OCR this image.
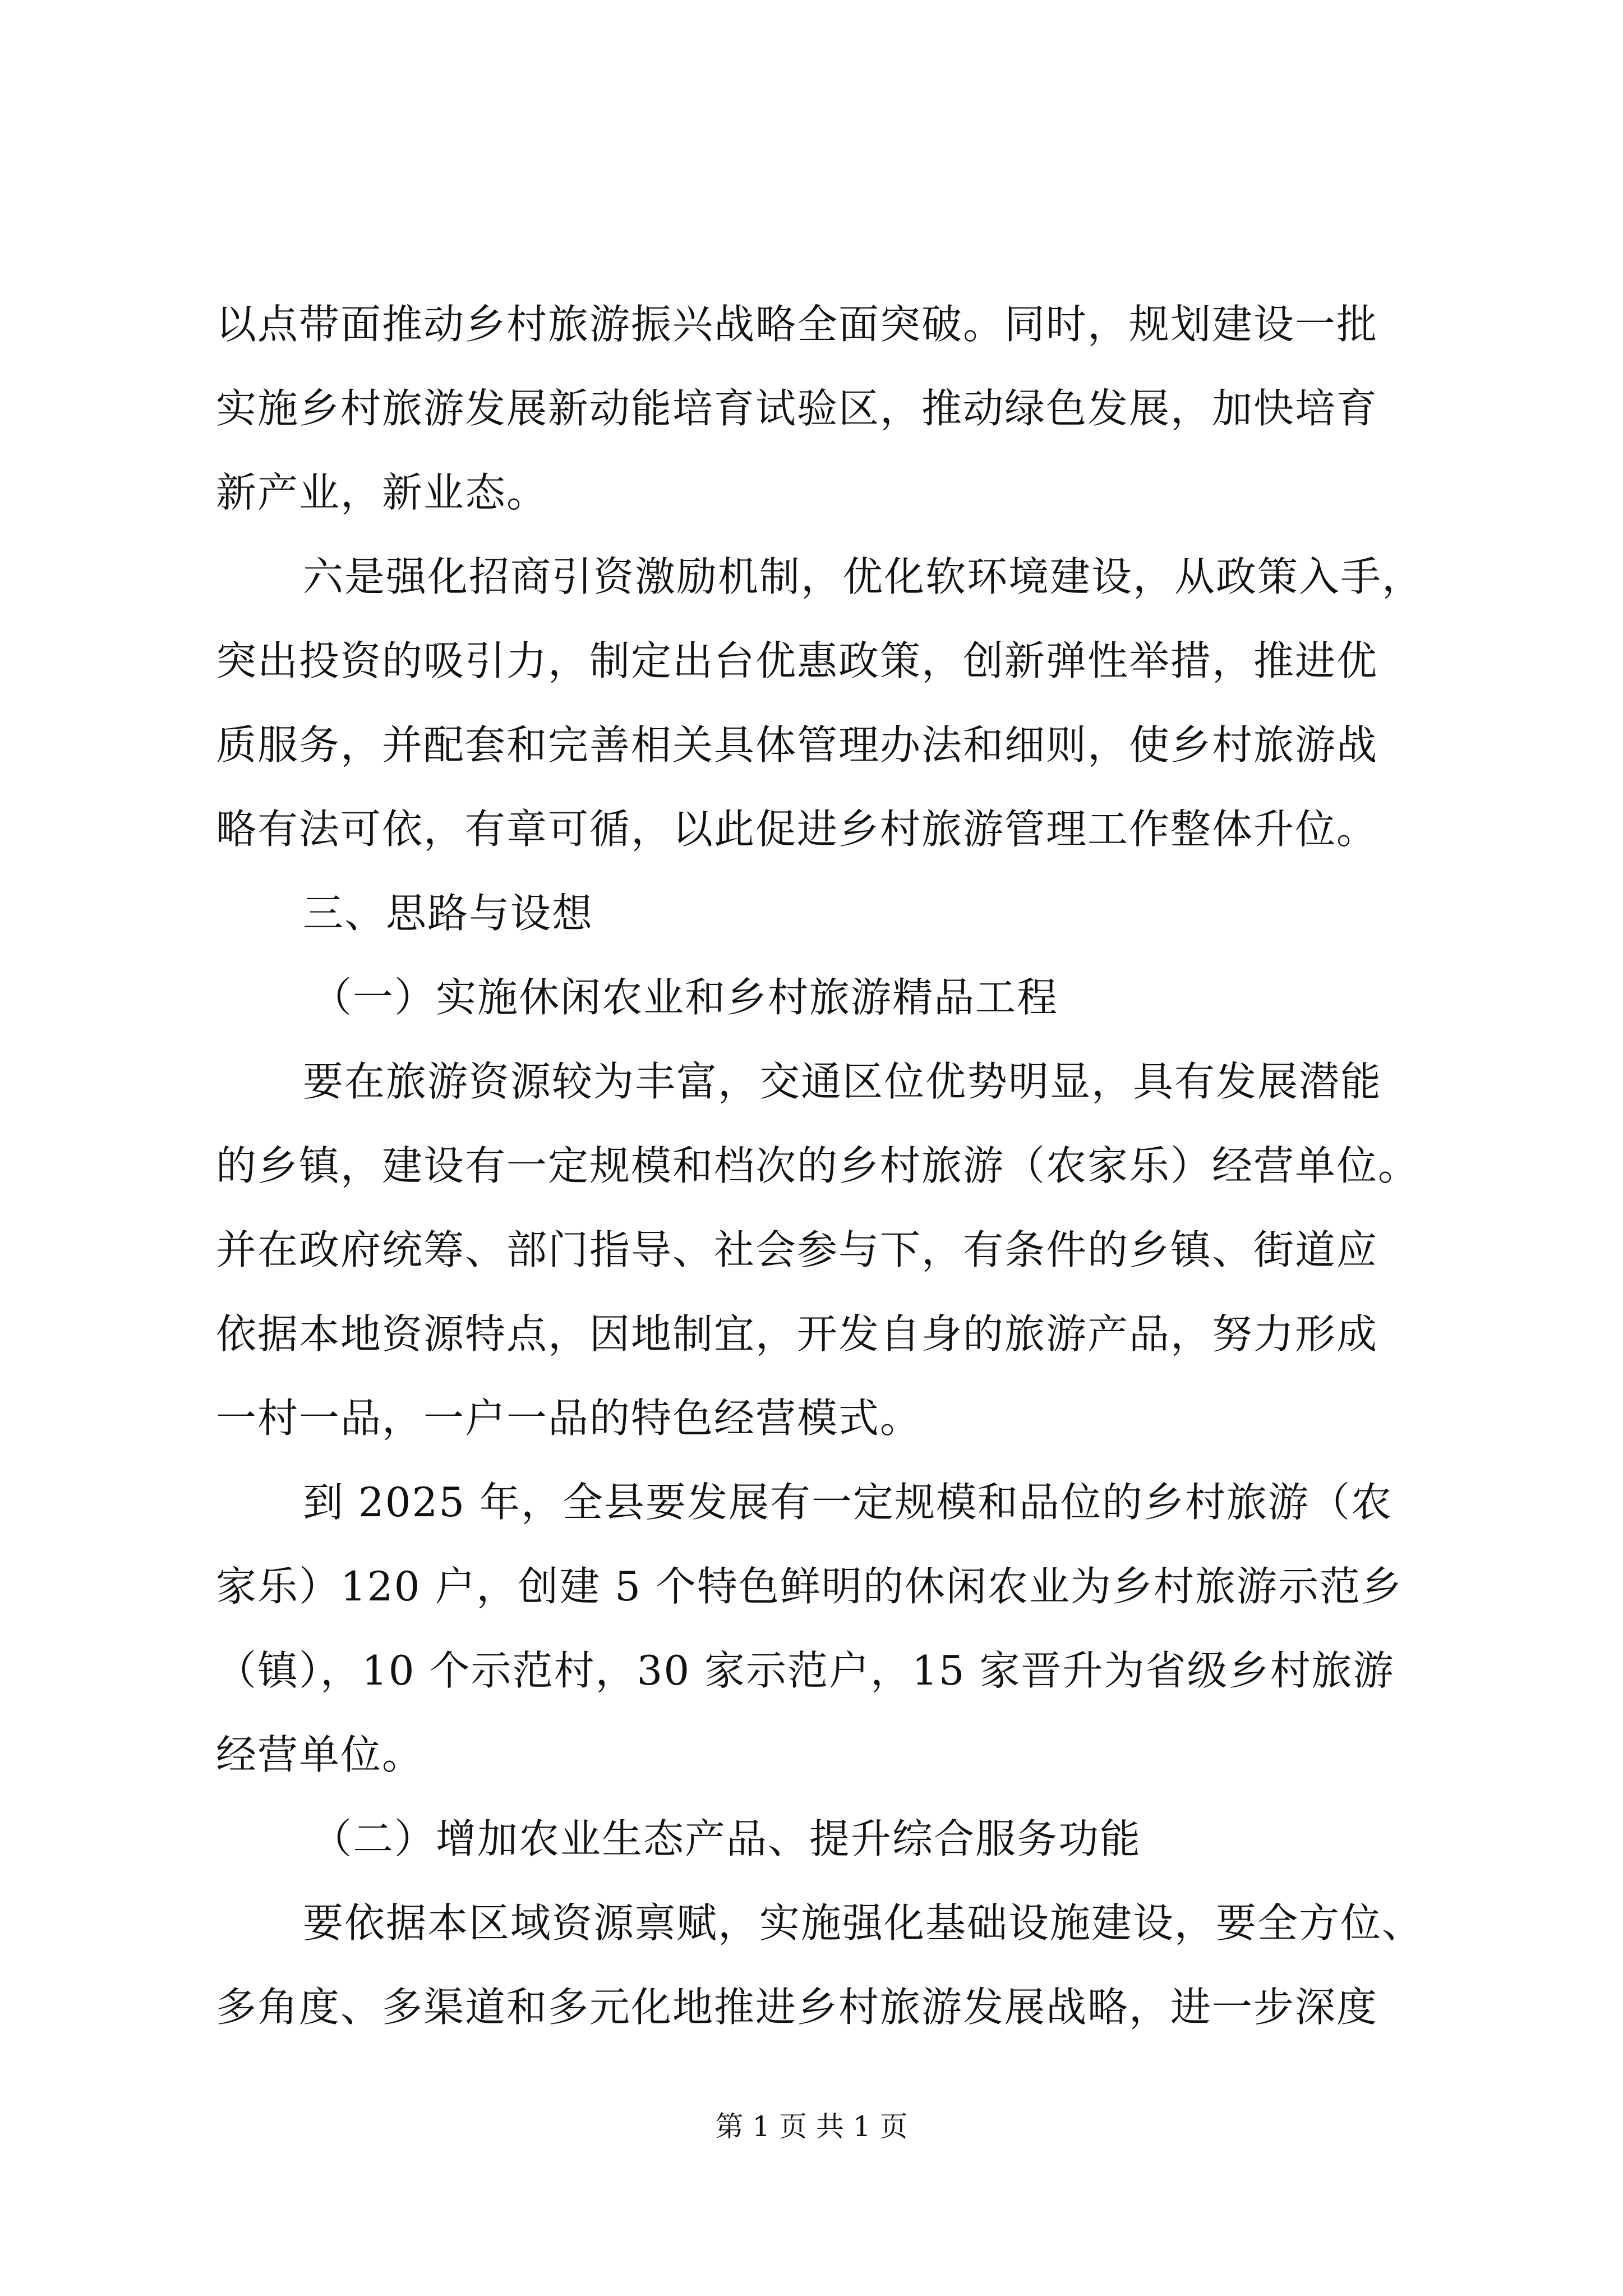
以点带面推动乡村旅游振兴战略全面突破。同时，规划建设一批
实施乡村旅游发展新动能培育试验区，推动绿色发展，加快培育
新产业，新业态。
六是强化招商引资激励机制，优化软环境建设，从政策入手，
突出投资的吸引力，制定出台优惠政策，创新弹性举措，推进优
质服务，并配套和完善相关具体管理办法和细则，使乡村旅游战
略有法可依，有章可循，以此促进乡村旅游管理工作整体升位。
三、思路与设想
（一）实施休闲农业和乡村旅游精品工程
要在旅游资源较为丰富，交通区位优势明显，具有发展潜能
的乡镇，建设有一定规模和档次的乡村旅游（农家乐）经营单位。
并在政府统筹、部门指导、社会参与下，有条件的乡镇、街道应
依据本地资源特点，因地制宜，开发自身的旅游产品，努力形成
一村一品，一户一品的特色经营模式。
到 2025 年，全县要发展有一定规模和品位的乡村旅游（农
家乐）120 户，创建 5 个特色鲜明的休闲农业为乡村旅游示范乡
（镇），10 个示范村，30 家示范户，15 家晋升为省级乡村旅游
经营单位。
（二）增加农业生态产品、提升综合服务功能
要依据本区域资源禀赋，实施强化基础设施建设，要全方位、
多角度、多渠道和多元化地推进乡村旅游发展战略，进一步深度
第 1 页 共 1 页
